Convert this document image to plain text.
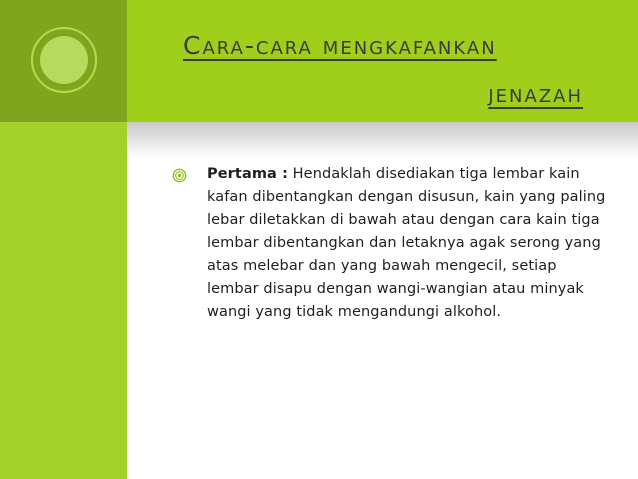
Cara-cara mengkafankan
jenazah

Pertama : Hendaklah disediakan tiga lembar kain kafan dibentangkan dengan disusun, kain yang paling lebar diletakkan di bawah atau dengan cara kain tiga lembar dibentangkan dan letaknya agak serong yang atas melebar dan yang bawah mengecil, setiap lembar disapu dengan wangi-wangian atau minyak wangi yang tidak mengandungi alkohol.
